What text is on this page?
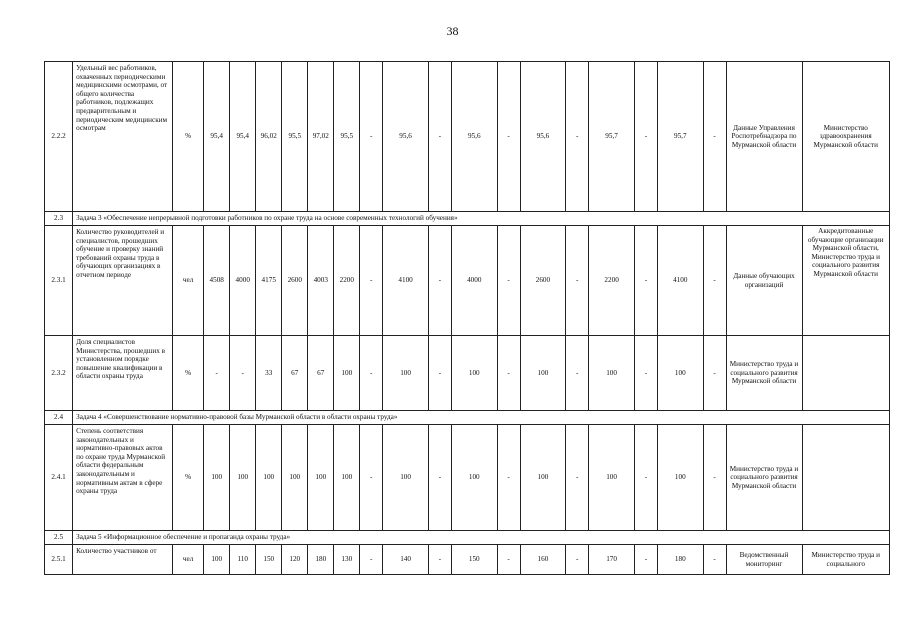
38
2.2.2	Удельный вес работников, охваченных периодическими медицинскими осмотрами, от общего количества работников, подлежащих предварительным и периодическим медицинским осмотрам	%	95,4	95,4	96,02	95,5	97,02	95,5	-	95,6	-	95,6	-	95,6	-	95,7	-	95,7	-	Данные Управления Роспотребнадзора по Мурманской области	Министерство здравоохранения Мурманской области
2.3	Задача 3 «Обеспечение непрерывной подготовки работников по охране труда на основе современных технологий обучения»																				
2.3.1	Количество руководителей и специалистов, прошедших обучение и проверку знаний требований охраны труда в обучающих организациях в отчетном периоде	чел	4508	4000	4175	2600	4003	2200	-	4100	-	4000	-	2600	-	2200	-	4100	-	Данные обучающих организаций	Аккредитованные обучающие организации Мурманской области, Министерство труда и социального развития Мурманской области
2.3.2	Доля специалистов Министерства, прошедших в установленном порядке повышение квалификации в области охраны труда	%	-	-	33	67	67	100	-	100	-	100	-	100	-	100	-	100	-	Министерство труда и социального развития Мурманской области	
2.4	Задача 4 «Совершенствование нормативно-правовой базы Мурманской области в области охраны труда»																				
2.4.1	Степень соответствия законодательных и нормативно-правовых актов по охране труда Мурманской области федеральным законодательным и нормативным актам в сфере охраны труда	%	100	100	100	100	100	100	-	100	-	100	-	100	-	100	-	100	-	Министерство труда и социального развития Мурманской области	
2.5	Задача 5 «Информационное обеспечение и пропаганда охраны труда»																				
2.5.1	Количество участников от	чел	100	110	150	120	180	130	-	140	-	150	-	160	-	170	-	180	-	Ведомственный мониторинг	Министерство труда и социального
